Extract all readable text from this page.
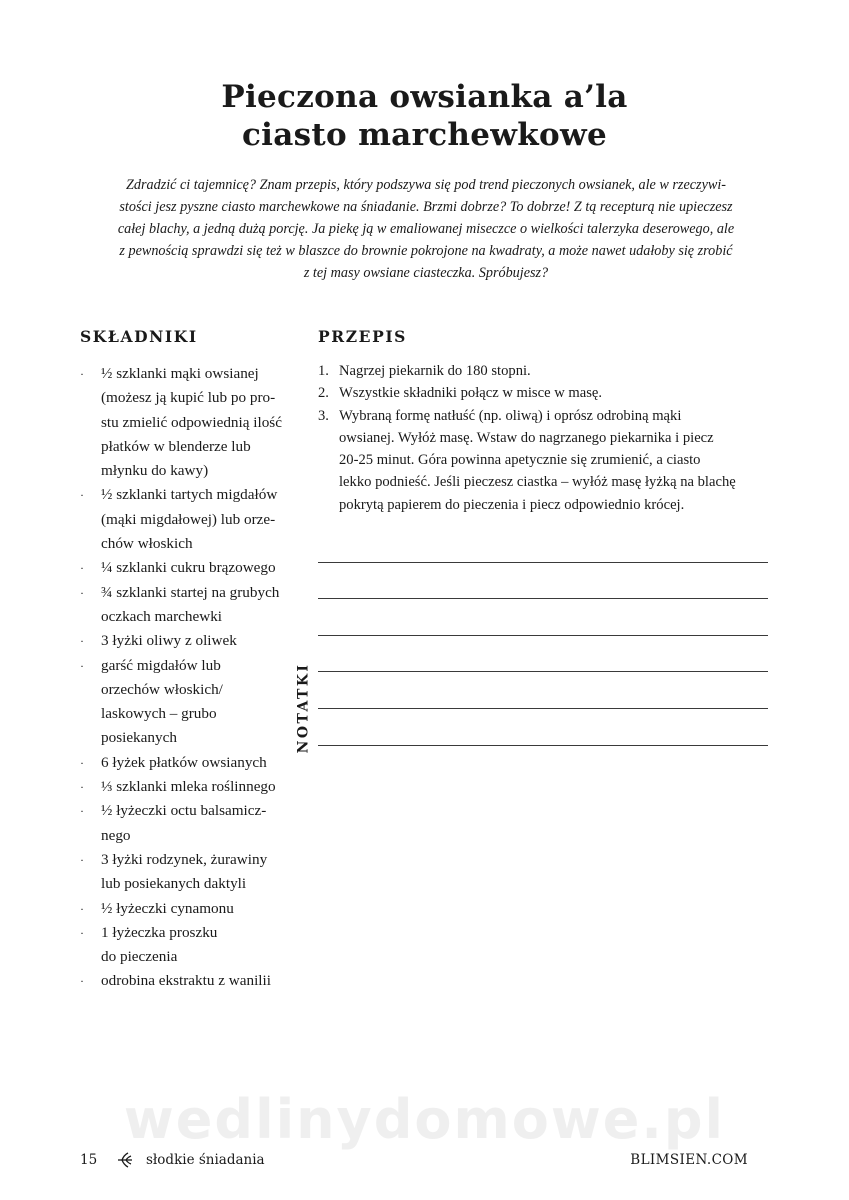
Pieczona owsianka a’la
ciasto marchewkowe
Zdradzić ci tajemnicę? Znam przepis, który podszywa się pod trend pieczonych owsianek, ale w rzeczywi-
stości jesz pyszne ciasto marchewkowe na śniadanie. Brzmi dobrze? To dobrze! Z tą recepturą nie upieczesz
całej blachy, a jedną dużą porcję. Ja piekę ją w emaliowanej miseczce o wielkości talerzyka deserowego, ale
z pewnością sprawdzi się też w blaszce do brownie pokrojone na kwadraty, a może nawet udałoby się zrobić
z tej masy owsiane ciasteczka. Spróbujesz?
SKŁADNIKI	PRZEPIS
· ½ szklanki mąki owsianej
(możesz ją kupić lub po pro-
stu zmielić odpowiednią ilość
płatków w blenderze lub
młynku do kawy)
· ½ szklanki tartych migdałów
(mąki migdałowej) lub orze-
chów włoskich
· ¼ szklanki cukru brązowego
· ¾ szklanki startej na grubych
oczkach marchewki
· 3 łyżki oliwy z oliwek
· garść migdałów lub
orzechów włoskich/
laskowych – grubo
posiekanych
· 6 łyżek płatków owsianych
· ⅓ szklanki mleka roślinnego
· ½ łyżeczki octu balsamicz-
nego
· 3 łyżki rodzynek, żurawiny
lub posiekanych daktyli
· ½ łyżeczki cynamonu
· 1 łyżeczka proszku
do pieczenia
· odrobina ekstraktu z wanilii
1. Nagrzej piekarnik do 180 stopni.
2. Wszystkie składniki połącz w misce w masę.
3. Wybraną formę natłuść (np. oliwą) i oprósz odrobiną mąki
owsianej. Wyłóż masę. Wstaw do nagrzanego piekarnika i piecz
20-25 minut. Góra powinna apetycznie się zrumienić, a ciasto
lekko podnieść. Jeśli pieczesz ciastka – wyłóż masę łyżką na blachę
pokrytą papierem do pieczenia i piecz odpowiednio krócej.
NOTATKI
wedlinydomowe.pl
15	słodkie śniadania	BLIMSIEN.COM
